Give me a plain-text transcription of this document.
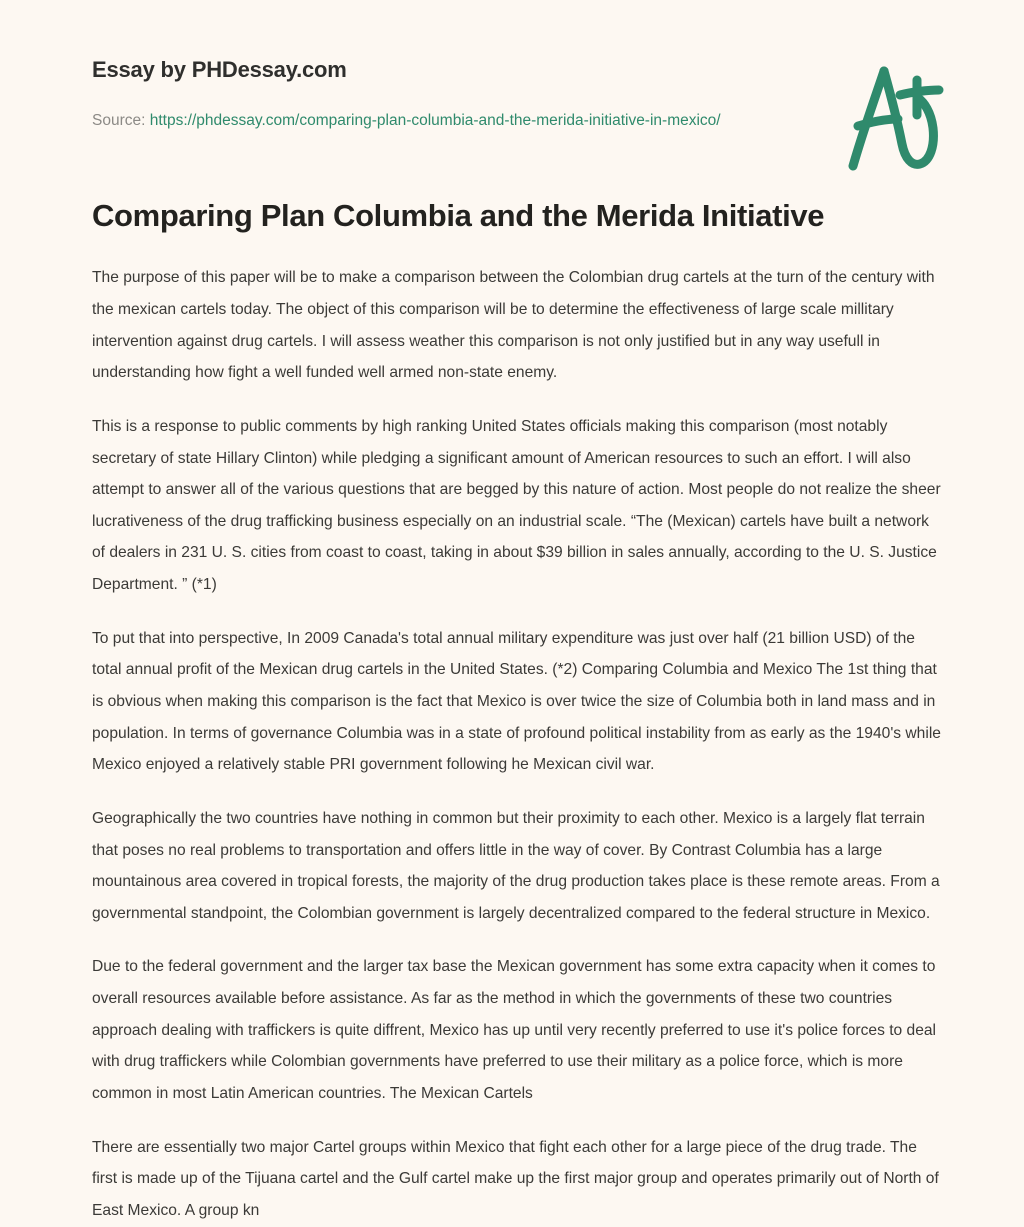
Essay by PHDessay.com
Source: https://phdessay.com/comparing-plan-columbia-and-the-merida-initiative-in-mexico/
Comparing Plan Columbia and the Merida Initiative

The purpose of this paper will be to make a comparison between the Colombian drug cartels at the turn of the century with the mexican cartels today. The object of this comparison will be to determine the effectiveness of large scale millitary intervention against drug cartels. I will assess weather this comparison is not only justified but in any way usefull in understanding how fight a well funded well armed non-state enemy.

This is a response to public comments by high ranking United States officials making this comparison (most notably secretary of state Hillary Clinton) while pledging a significant amount of American resources to such an effort. I will also attempt to answer all of the various questions that are begged by this nature of action. Most people do not realize the sheer lucrativeness of the drug trafficking business especially on an industrial scale. “The (Mexican) cartels have built a network of dealers in 231 U. S. cities from coast to coast, taking in about $39 billion in sales annually, according to the U. S. Justice Department. ” (*1)

To put that into perspective, In 2009 Canada's total annual military expenditure was just over half (21 billion USD) of the total annual profit of the Mexican drug cartels in the United States. (*2) Comparing Columbia and Mexico The 1st thing that is obvious when making this comparison is the fact that Mexico is over twice the size of Columbia both in land mass and in population. In terms of governance Columbia was in a state of profound political instability from as early as the 1940's while Mexico enjoyed a relatively stable PRI government following he Mexican civil war.

Geographically the two countries have nothing in common but their proximity to each other. Mexico is a largely flat terrain that poses no real problems to transportation and offers little in the way of cover. By Contrast Columbia has a large mountainous area covered in tropical forests, the majority of the drug production takes place is these remote areas. From a governmental standpoint, the Colombian government is largely decentralized compared to the federal structure in Mexico.

Due to the federal government and the larger tax base the Mexican government has some extra capacity when it comes to overall resources available before assistance. As far as the method in which the governments of these two countries approach dealing with traffickers is quite diffrent, Mexico has up until very recently preferred to use it's police forces to deal with drug traffickers while Colombian governments have preferred to use their military as a police force, which is more common in most Latin American countries. The Mexican Cartels

There are essentially two major Cartel groups within Mexico that fight each other for a large piece of the drug trade. The first is made up of the Tijuana cartel and the Gulf cartel make up the first major group and operates primarily out of North of East Mexico. A group kn
